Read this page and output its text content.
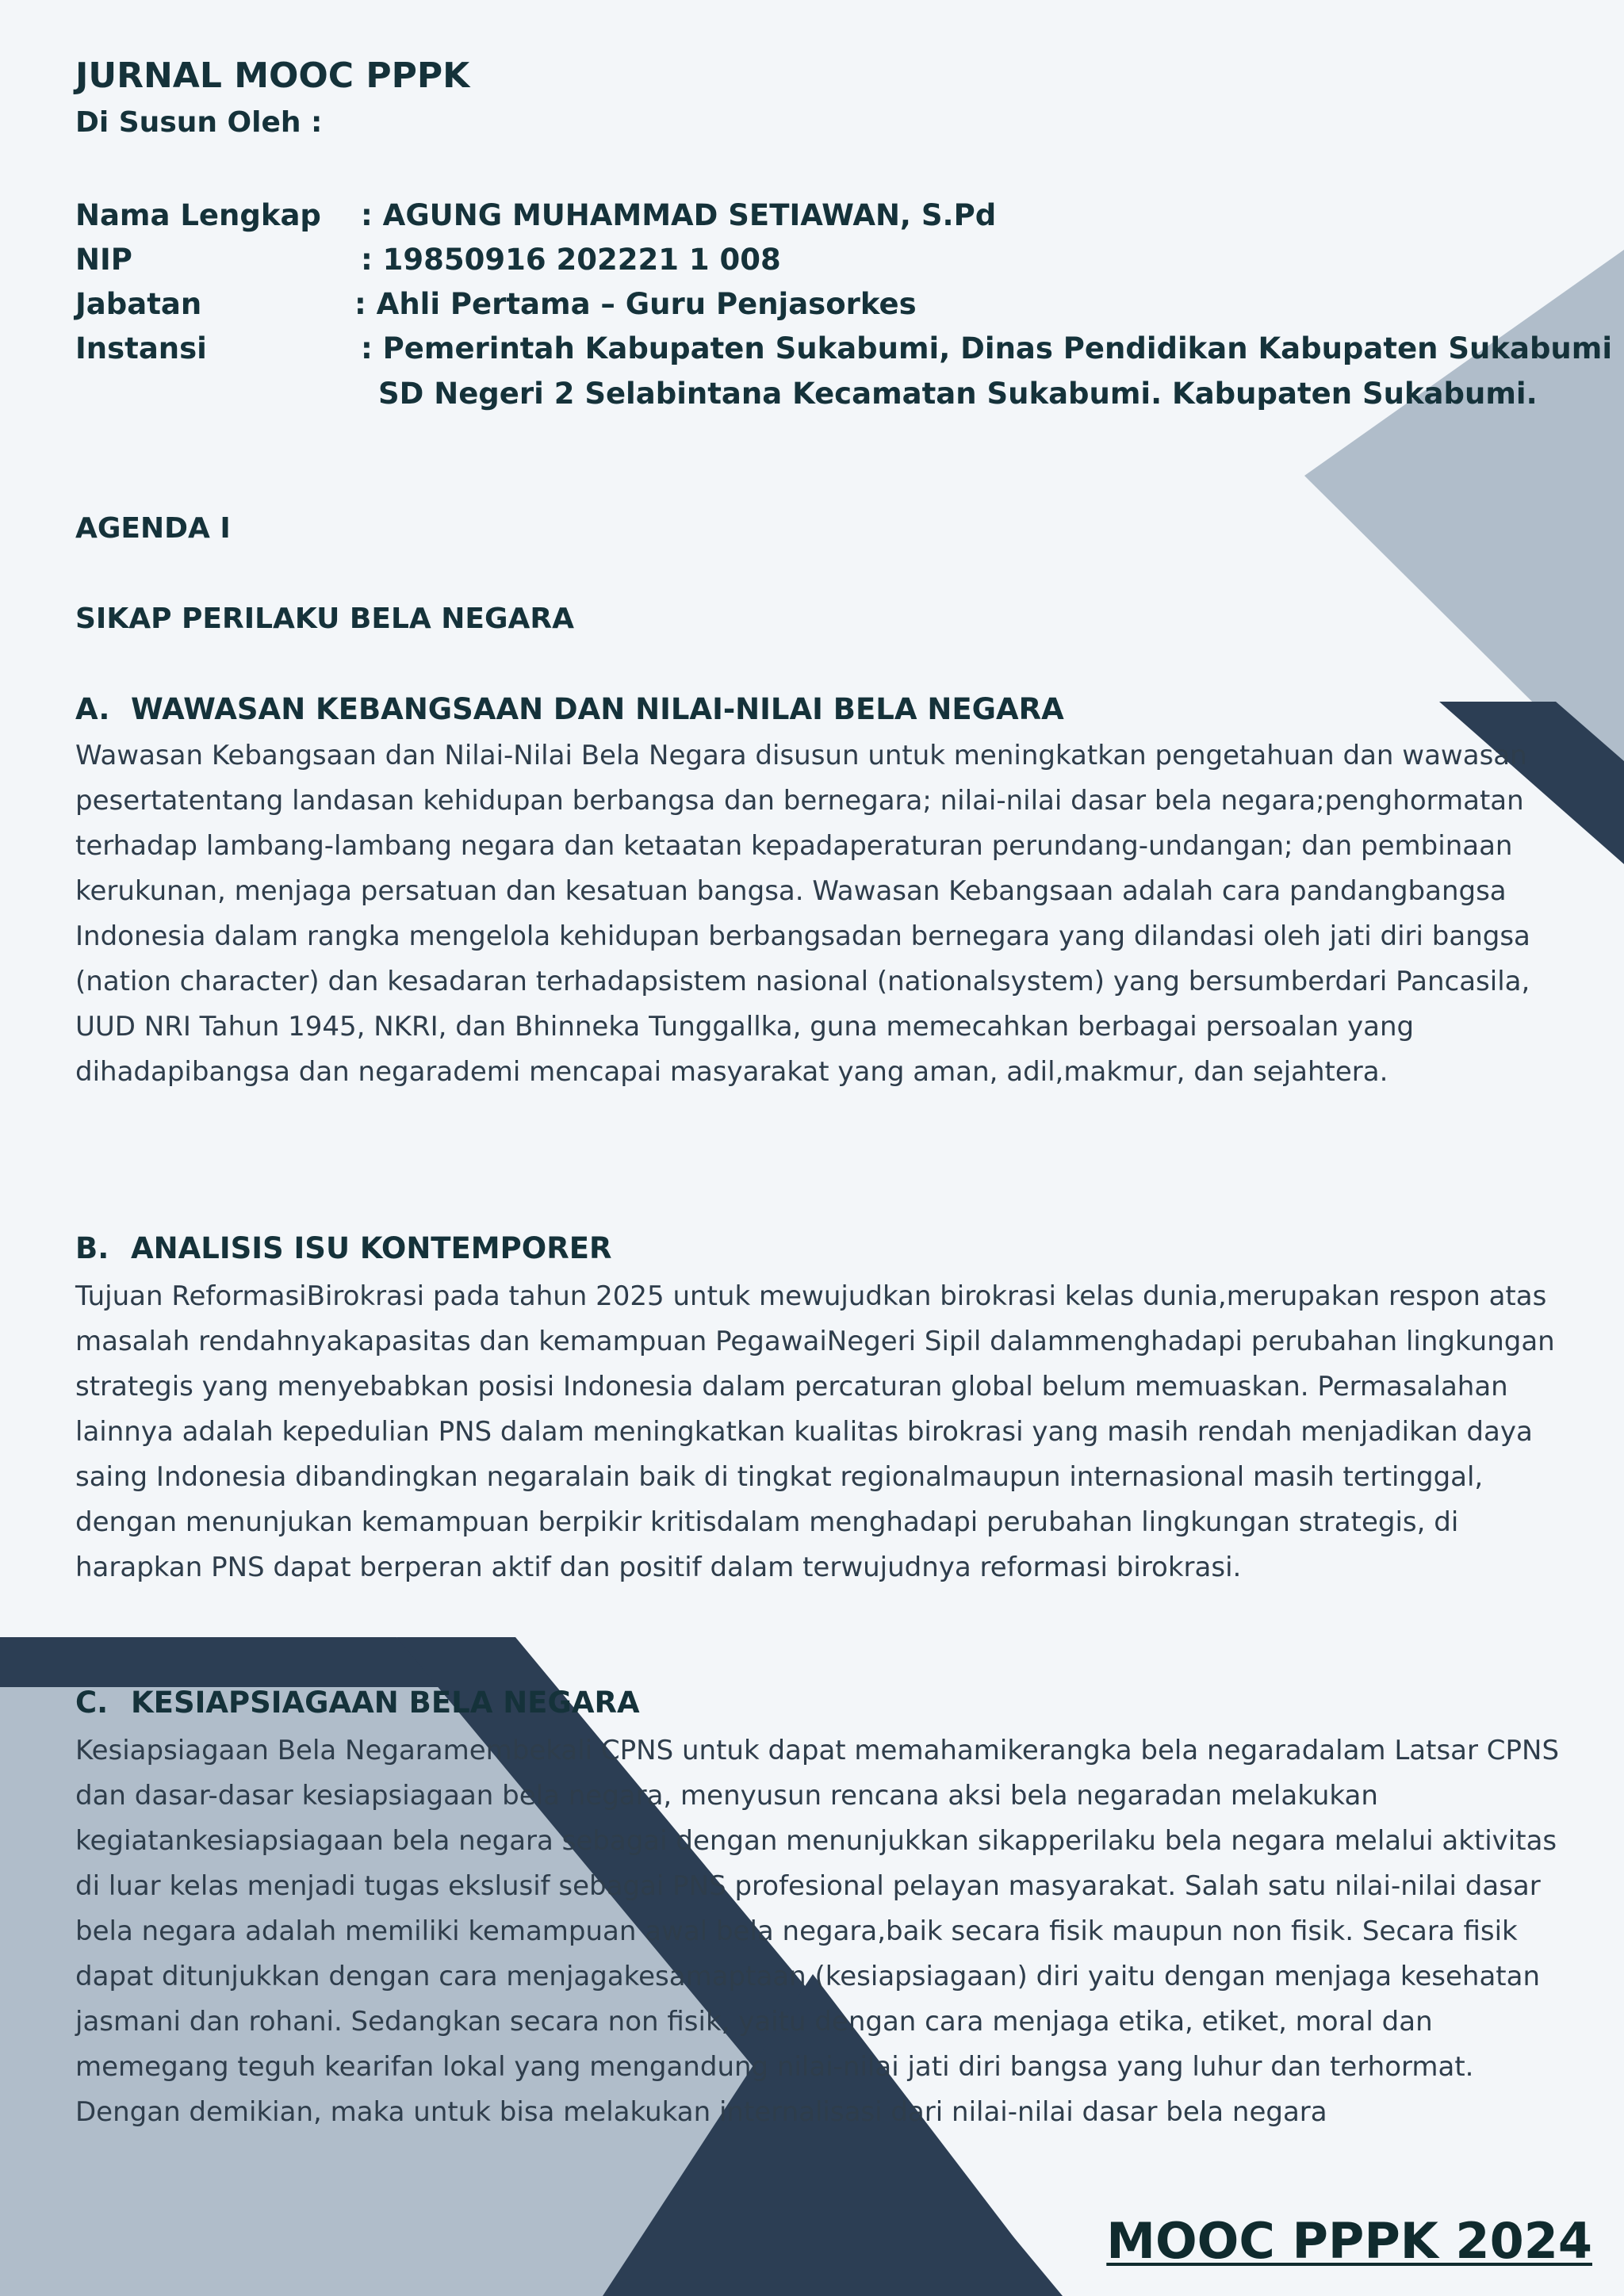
JURNAL MOOC PPPK
Di Susun Oleh :
Nama Lengkap : AGUNG MUHAMMAD SETIAWAN, S.Pd
NIP	: 19850916 202221 1 008
Jabatan	: Ahli Pertama – Guru Penjasorkes
Instansi	: Pemerintah Kabupaten Sukabumi, Dinas Pendidikan Kabupaten Sukabumi
SD Negeri 2 Selabintana Kecamatan Sukabumi. Kabupaten Sukabumi.
AGENDA I
SIKAP PERILAKU BELA NEGARA
A. WAWASAN KEBANGSAAN DAN NILAI-NILAI BELA NEGARA

Wawasan Kebangsaan dan Nilai-Nilai Bela Negara disusun untuk meningkatkan pengetahuan dan wawasan pesertatentang landasan kehidupan berbangsa dan bernegara; nilai-nilai dasar bela negara;penghormatan terhadap lambang-lambang negara dan ketaatan kepadaperaturan perundang-undangan; dan pembinaan kerukunan, menjaga persatuan dan kesatuan bangsa. Wawasan Kebangsaan adalah cara pandangbangsa Indonesia dalam rangka mengelola kehidupan berbangsadan bernegara yang dilandasi oleh jati diri bangsa (nation character) dan kesadaran terhadapsistem nasional (nationalsystem) yang bersumberdari Pancasila, UUD NRI Tahun 1945, NKRI, dan Bhinneka Tunggallka, guna memecahkan berbagai persoalan yang dihadapibangsa dan negarademi mencapai masyarakat yang aman, adil,makmur, dan sejahtera.

B. ANALISIS ISU KONTEMPORER

Tujuan ReformasiBirokrasi pada tahun 2025 untuk mewujudkan birokrasi kelas dunia,merupakan respon atas masalah rendahnyakapasitas dan kemampuan PegawaiNegeri Sipil dalammenghadapi perubahan lingkungan strategis yang menyebabkan posisi Indonesia dalam percaturan global belum memuaskan. Permasalahan lainnya adalah kepedulian PNS dalam meningkatkan kualitas birokrasi yang masih rendah menjadikan daya saing Indonesia dibandingkan negaralain baik di tingkat regionalmaupun internasional masih tertinggal, dengan menunjukan kemampuan berpikir kritisdalam menghadapi perubahan lingkungan strategis, di harapkan PNS dapat berperan aktif dan positif dalam terwujudnya reformasi birokrasi.

C. KESIAPSIAGAAN BELA NEGARA

Kesiapsiagaan Bela Negaramembekali CPNS untuk dapat memahamikerangka bela negaradalam Latsar CPNS dan dasar-dasar kesiapsiagaan bela negara, menyusun rencana aksi bela negaradan melakukan kegiatankesiapsiagaan bela negara sebagai dengan menunjukkan sikapperilaku bela negara melalui aktivitas di luar kelas menjadi tugas ekslusif sebagai PNS profesional pelayan masyarakat. Salah satu nilai-nilai dasar bela negara adalah memiliki kemampuan awal bela negara,baik secara fisik maupun non fisik. Secara fisik dapat ditunjukkan dengan cara menjagakesamaptaan (kesiapsiagaan) diri yaitu dengan menjaga kesehatan jasmani dan rohani. Sedangkan secara non fisik, yaitu dengan cara menjaga etika, etiket, moral dan memegang teguh kearifan lokal yang mengandung nilai-nilai jati diri bangsa yang luhur dan terhormat. Dengan demikian, maka untuk bisa melakukan internalisasi dari nilai-nilai dasar bela negara

MOOC PPPK 2024
